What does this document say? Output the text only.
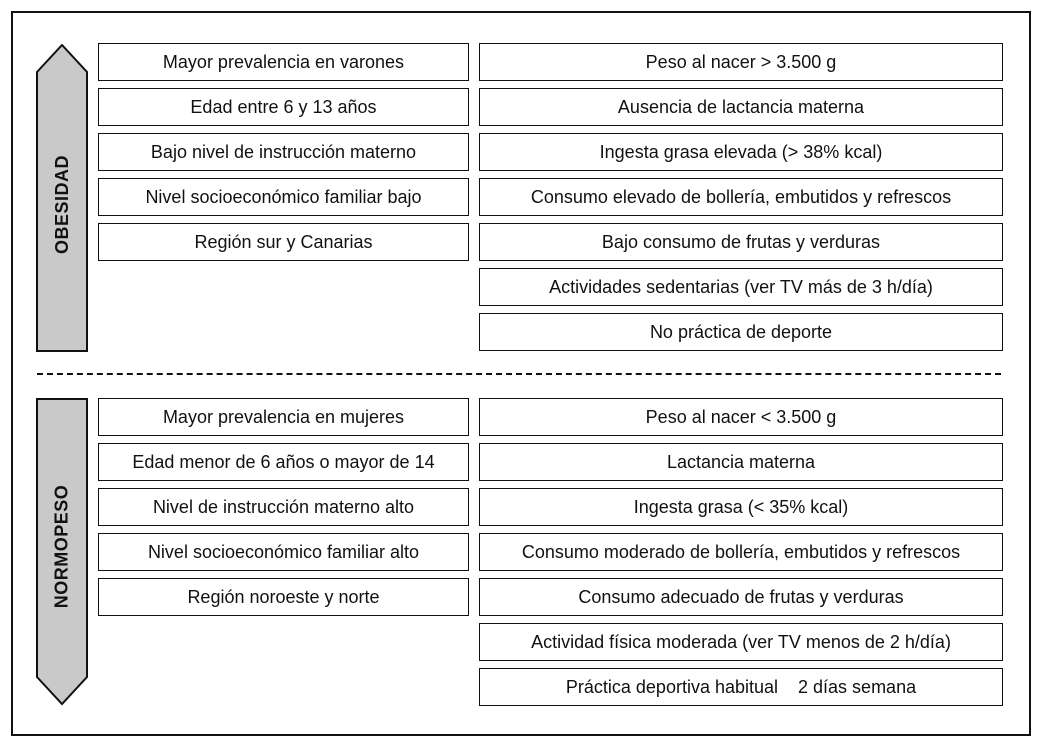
OBESIDAD
Mayor prevalencia en varones
Edad entre 6 y 13 años
Bajo nivel de instrucción materno
Nivel socioeconómico familiar bajo
Región sur y Canarias
Peso al nacer > 3.500 g
Ausencia de lactancia materna
Ingesta grasa elevada (> 38% kcal)
Consumo elevado de bollería, embutidos y refrescos
Bajo consumo de frutas y verduras
Actividades sedentarias (ver TV más de 3 h/día)
No práctica de deporte
NORMOPESO
Mayor prevalencia en mujeres
Edad menor de 6 años o mayor de 14
Nivel de instrucción materno alto
Nivel socioeconómico familiar alto
Región noroeste y norte
Peso al nacer < 3.500 g
Lactancia materna
Ingesta grasa (< 35% kcal)
Consumo moderado de bollería, embutidos y refrescos
Consumo adecuado de frutas y verduras
Actividad física moderada (ver TV menos de 2 h/día)
Práctica deportiva habitual    2 días semana
